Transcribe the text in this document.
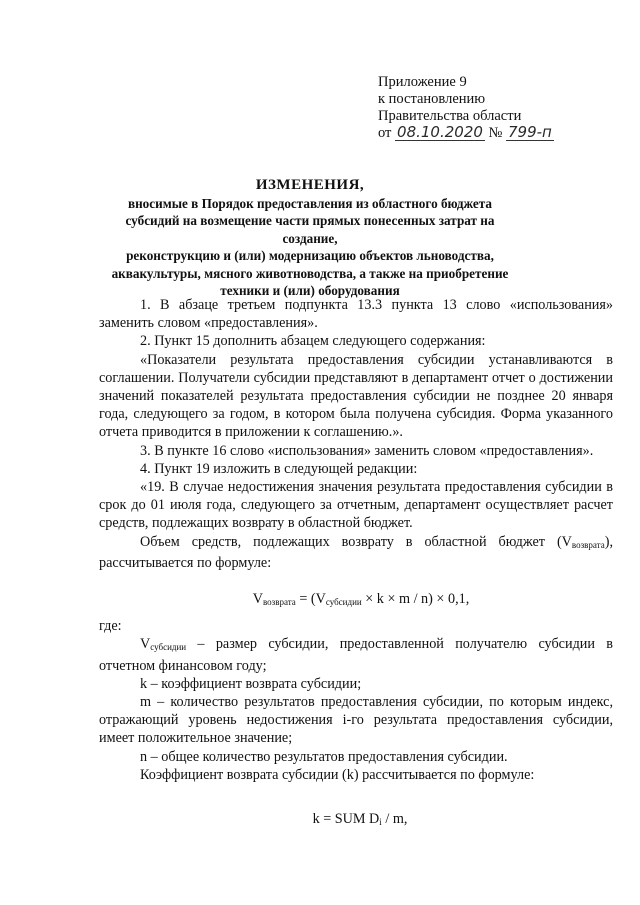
Приложение 9
к постановлению
Правительства области
от 08.10.2020 № 799-п
ИЗМЕНЕНИЯ,
вносимые в Порядок предоставления из областного бюджета
субсидий на возмещение части прямых понесенных затрат на создание,
реконструкцию и (или) модернизацию объектов льноводства,
аквакультуры, мясного животноводства, а также на приобретение
техники и (или) оборудования

1. В абзаце третьем подпункта 13.3 пункта 13 слово «использования» заменить словом «предоставления».

2. Пункт 15 дополнить абзацем следующего содержания:

«Показатели результата предоставления субсидии устанавливаются в соглашении. Получатели субсидии представляют в департамент отчет о достижении значений показателей результата предоставления субсидии не позднее 20 января года, следующего за годом, в котором была получена субсидия. Форма указанного отчета приводится в приложении к соглашению.».

3. В пункте 16 слово «использования» заменить словом «предоставления».

4. Пункт 19 изложить в следующей редакции:

«19. В случае недостижения значения результата предоставления субсидии в срок до 01 июля года, следующего за отчетным, департамент осуществляет расчет средств, подлежащих возврату в областной бюджет.

Объем средств, подлежащих возврату в областной бюджет $(V_{возврата})$, рассчитывается по формуле:

$V_{возврата} = (V_{субсидии} \times k \times m / n) \times 0,1$,

где:

$V_{субсидии}$ – размер субсидии, предоставленной получателю субсидии в отчетном финансовом году;

k – коэффициент возврата субсидии;

m – количество результатов предоставления субсидии, по которым индекс, отражающий уровень недостижения i-го результата предоставления субсидии, имеет положительное значение;

n – общее количество результатов предоставления субсидии.

Коэффициент возврата субсидии (k) рассчитывается по формуле:

k = SUM $D_i$ / m,
